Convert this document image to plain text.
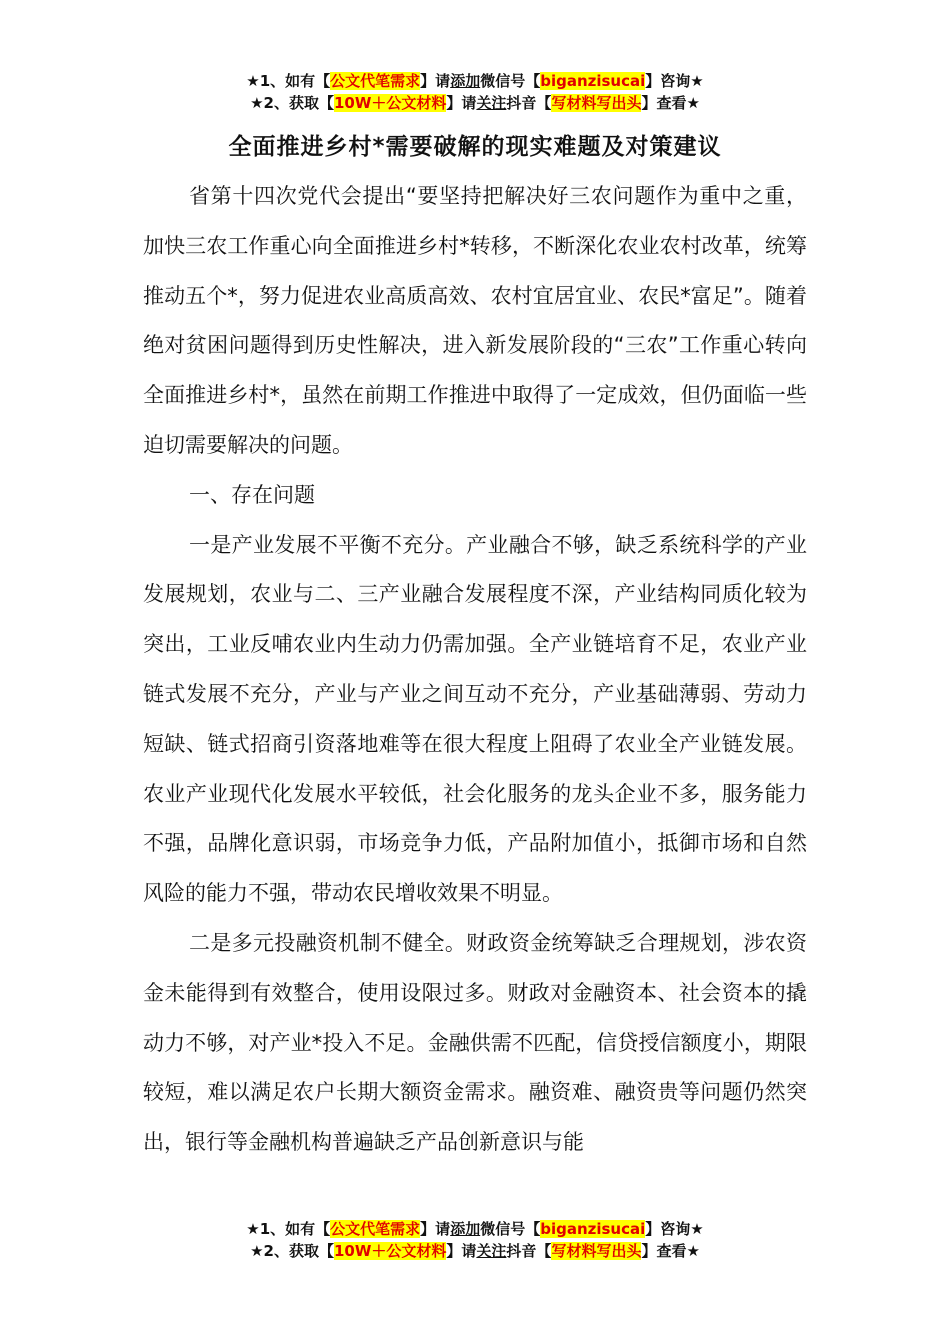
★1、如有【公文代笔需求】请添加微信号【biganzisucai】咨询★
★2、获取【10W＋公文材料】请关注抖音【写材料写出头】查看★
全面推进乡村*需要破解的现实难题及对策建议

省第十四次党代会提出“要坚持把解决好三农问题作为重中之重，加快三农工作重心向全面推进乡村*转移，不断深化农业农村改革，统筹推动五个*，努力促进农业高质高效、农村宜居宜业、农民*富足”。随着绝对贫困问题得到历史性解决，进入新发展阶段的“三农”工作重心转向全面推进乡村*，虽然在前期工作推进中取得了一定成效，但仍面临一些迫切需要解决的问题。

一、存在问题

一是产业发展不平衡不充分。产业融合不够，缺乏系统科学的产业发展规划，农业与二、三产业融合发展程度不深，产业结构同质化较为突出，工业反哺农业内生动力仍需加强。全产业链培育不足，农业产业链式发展不充分，产业与产业之间互动不充分，产业基础薄弱、劳动力短缺、链式招商引资落地难等在很大程度上阻碍了农业全产业链发展。农业产业现代化发展水平较低，社会化服务的龙头企业不多，服务能力不强，品牌化意识弱，市场竞争力低，产品附加值小，抵御市场和自然风险的能力不强，带动农民增收效果不明显。

二是多元投融资机制不健全。财政资金统筹缺乏合理规划，涉农资金未能得到有效整合，使用设限过多。财政对金融资本、社会资本的撬动力不够，对产业*投入不足。金融供需不匹配，信贷授信额度小，期限较短，难以满足农户长期大额资金需求。融资难、融资贵等问题仍然突出，银行等金融机构普遍缺乏产品创新意识与能

★1、如有【公文代笔需求】请添加微信号【biganzisucai】咨询★
★2、获取【10W＋公文材料】请关注抖音【写材料写出头】查看★
